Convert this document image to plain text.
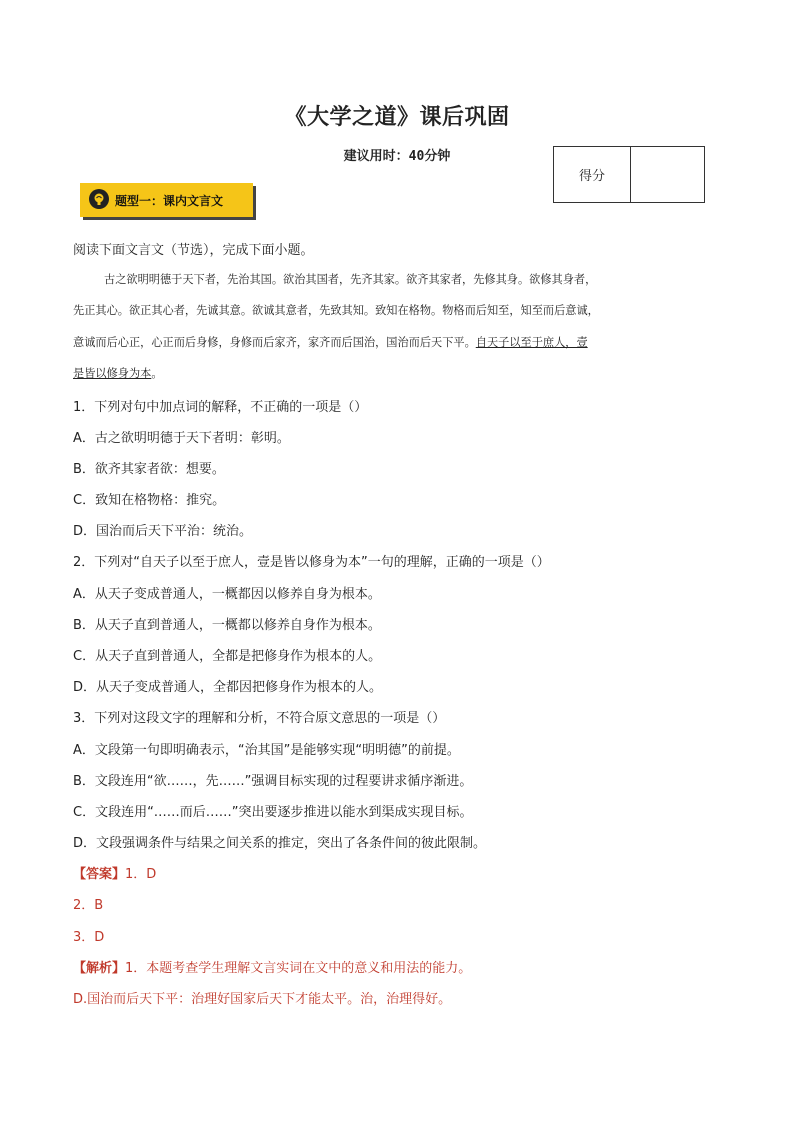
《大学之道》课后巩固
建议用时：40分钟
得分
题型一：课内文言文
阅读下面文言文（节选），完成下面小题。
古之欲明明德于天下者，先治其国。欲治其国者，先齐其家。欲齐其家者，先修其身。欲修其身者，
先正其心。欲正其心者，先诚其意。欲诚其意者，先致其知。致知在格物。物格而后知至，知至而后意诚，
意诚而后心正，心正而后身修，身修而后家齐，家齐而后国治，国治而后天下平。自天子以至于庶人，壹
是皆以修身为本。
1．下列对句中加点词的解释，不正确的一项是（）
A．古之欲明明德于天下者明：彰明。
B．欲齐其家者欲：想要。
C．致知在格物格：推究。
D．国治而后天下平治：统治。
2．下列对“自天子以至于庶人，壹是皆以修身为本”一句的理解，正确的一项是（）
A．从天子变成普通人，一概都因以修养自身为根本。
B．从天子直到普通人，一概都以修养自身作为根本。
C．从天子直到普通人，全都是把修身作为根本的人。
D．从天子变成普通人，全都因把修身作为根本的人。
3．下列对这段文字的理解和分析，不符合原文意思的一项是（）
A．文段第一句即明确表示，“治其国”是能够实现“明明德”的前提。
B．文段连用“欲……，先……”强调目标实现的过程要讲求循序渐进。
C．文段连用“……而后……”突出要逐步推进以能水到渠成实现目标。
D．文段强调条件与结果之间关系的推定，突出了各条件间的彼此限制。
【答案】1．D
2．B
3．D
【解析】1．本题考查学生理解文言实词在文中的意义和用法的能力。
D.国治而后天下平：治理好国家后天下才能太平。治，治理得好。
